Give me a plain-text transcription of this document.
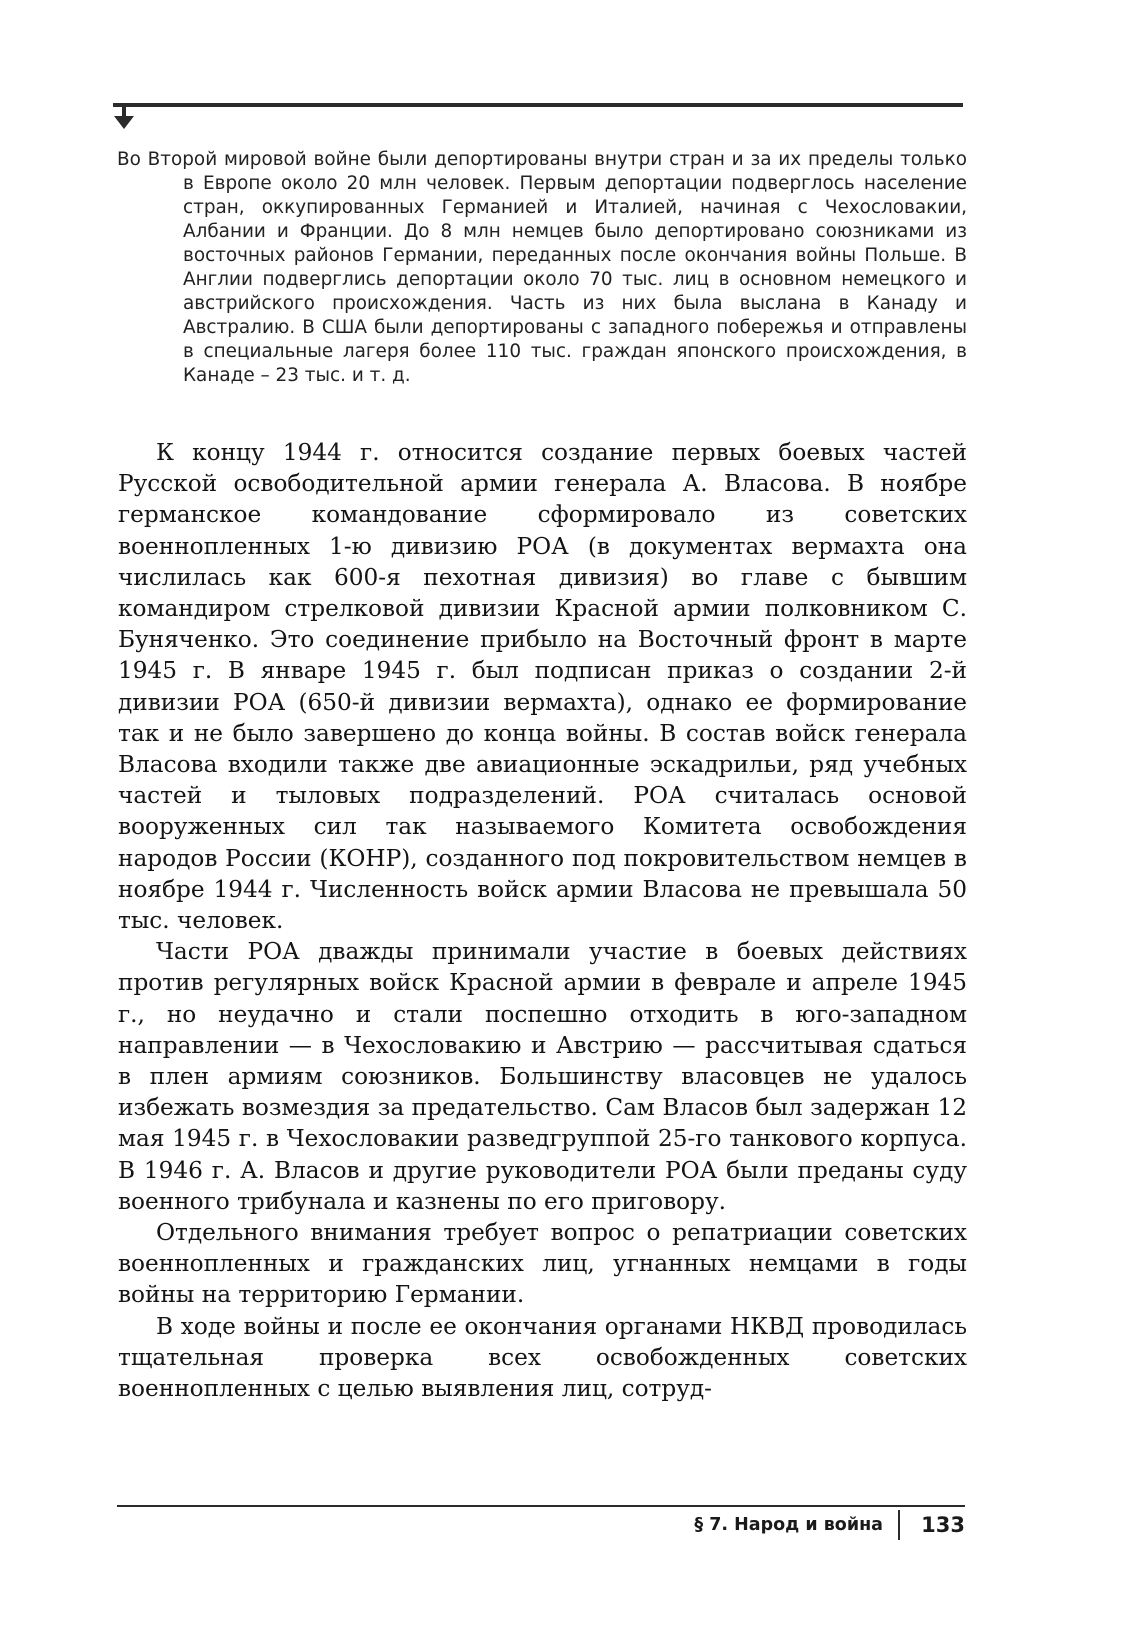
Во Второй мировой войне были депортированы внутри стран и за их пределы только в Европе около 20 млн человек. Первым депортации подверглось население стран, оккупированных Германией и Италией, начиная с Чехословакии, Албании и Франции. До 8 млн немцев было депортировано союзниками из восточных районов Германии, переданных после окончания войны Польше. В Англии подверглись депортации около 70 тыс. лиц в основном немецкого и австрийского происхождения. Часть из них была выслана в Канаду и Австралию. В США были депортированы с западного побережья и отправлены в специальные лагеря более 110 тыс. граждан японского происхождения, в Канаде – 23 тыс. и т. д.

К концу 1944 г. относится создание первых боевых частей Русской освободительной армии генерала А. Власова. В ноябре германское командование сформировало из советских военнопленных 1-ю дивизию РОА (в документах вермахта она числилась как 600-я пехотная дивизия) во главе с бывшим командиром стрелковой дивизии Красной армии полковником С. Буняченко. Это соединение прибыло на Восточный фронт в марте 1945 г. В январе 1945 г. был подписан приказ о создании 2-й дивизии РОА (650-й дивизии вермахта), однако ее формирование так и не было завершено до конца войны. В состав войск генерала Власова входили также две авиационные эскадрильи, ряд учебных частей и тыловых подразделений. РОА считалась основой вооруженных сил так называемого Комитета освобождения народов России (КОНР), созданного под покровительством немцев в ноябре 1944 г. Численность войск армии Власова не превышала 50 тыс. человек.

Части РОА дважды принимали участие в боевых действиях против регулярных войск Красной армии в феврале и апреле 1945 г., но неудачно и стали поспешно отходить в юго-западном направлении — в Чехословакию и Австрию — рассчитывая сдаться в плен армиям союзников. Большинству власовцев не удалось избежать возмездия за предательство. Сам Власов был задержан 12 мая 1945 г. в Чехословакии разведгруппой 25-го танкового корпуса. В 1946 г. А. Власов и другие руководители РОА были преданы суду военного трибунала и казнены по его приговору.

Отдельного внимания требует вопрос о репатриации советских военнопленных и гражданских лиц, угнанных немцами в годы войны на территорию Германии.

В ходе войны и после ее окончания органами НКВД проводилась тщательная проверка всех освобожденных советских военнопленных с целью выявления лиц, сотруд-

§ 7. Народ и война 133
